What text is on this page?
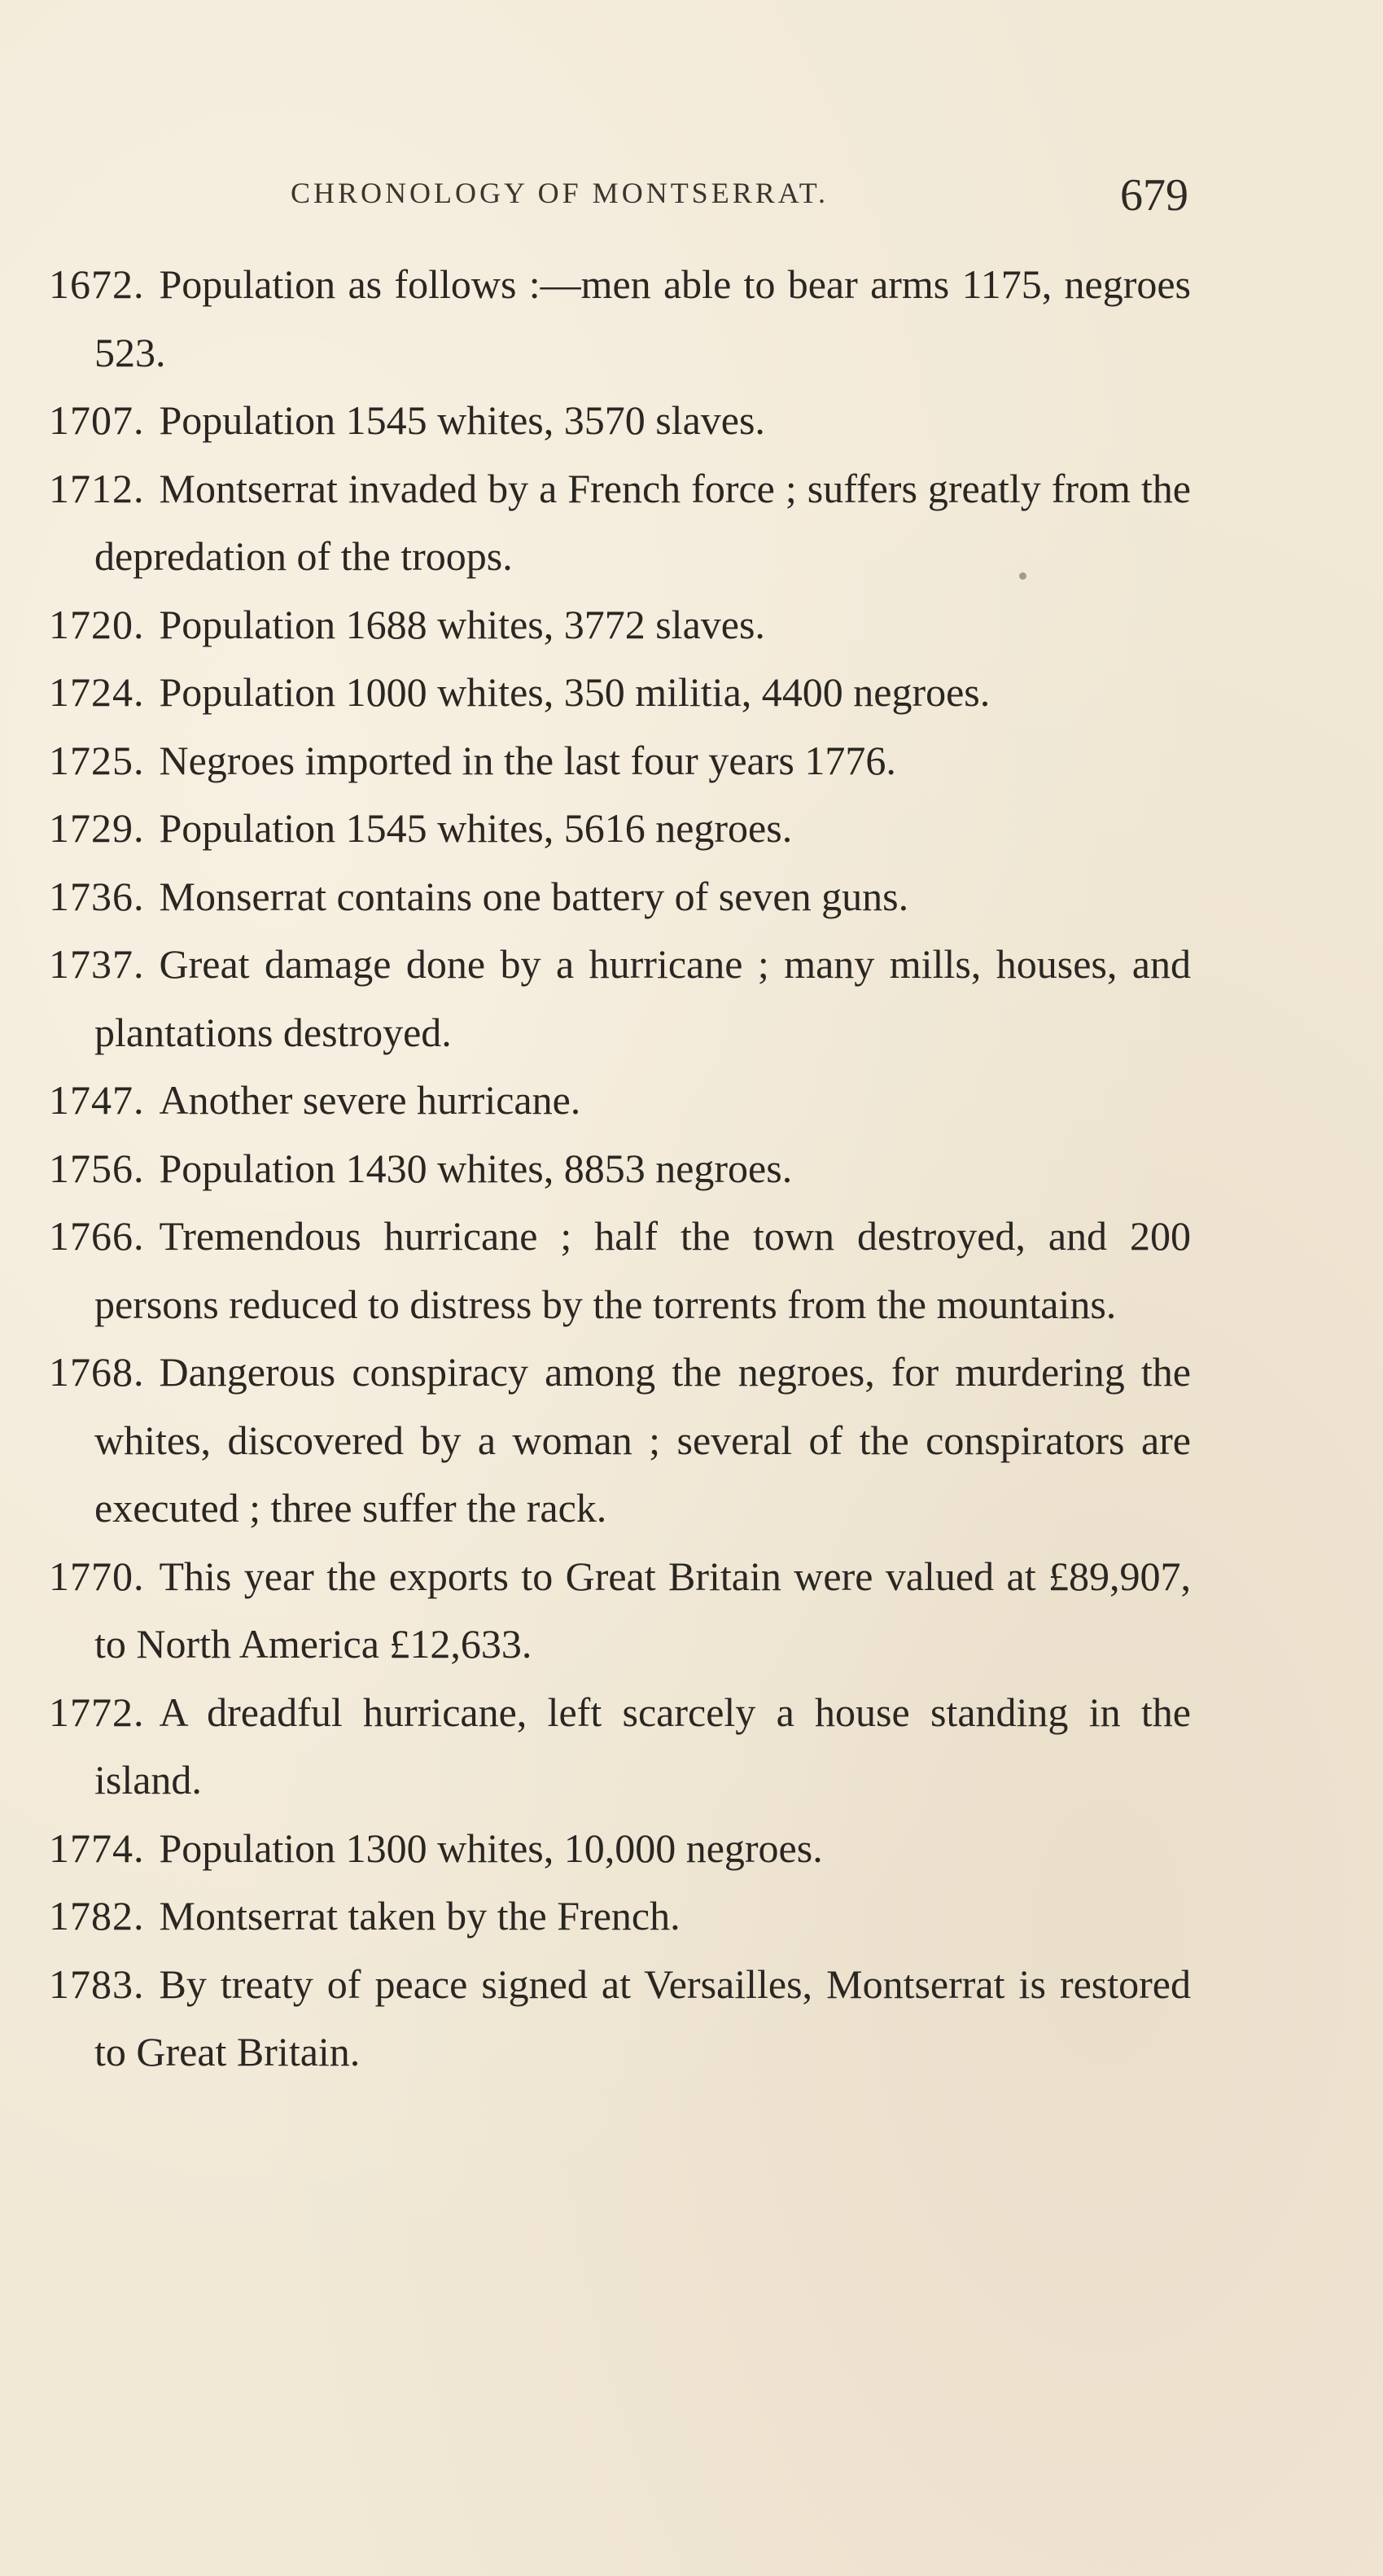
CHRONOLOGY OF MONTSERRAT.	679
1672. Population as follows :—men able to bear arms 1175, negroes 523.
1707. Population 1545 whites, 3570 slaves.
1712. Montserrat invaded by a French force ; suffers greatly from the depredation of the troops.
1720. Population 1688 whites, 3772 slaves.
1724. Population 1000 whites, 350 militia, 4400 negroes.
1725. Negroes imported in the last four years 1776.
1729. Population 1545 whites, 5616 negroes.
1736. Monserrat contains one battery of seven guns.
1737. Great damage done by a hurricane ; many mills, houses, and plantations destroyed.
1747. Another severe hurricane.
1756. Population 1430 whites, 8853 negroes.
1766. Tremendous hurricane ; half the town destroyed, and 200 persons reduced to distress by the torrents from the mountains.
1768. Dangerous conspiracy among the negroes, for murdering the whites, discovered by a woman ; several of the conspirators are executed ; three suffer the rack.
1770. This year the exports to Great Britain were valued at £89,907, to North America £12,633.
1772. A dreadful hurricane, left scarcely a house standing in the island.
1774. Population 1300 whites, 10,000 negroes.
1782. Montserrat taken by the French.
1783. By treaty of peace signed at Versailles, Montserrat is restored to Great Britain.
